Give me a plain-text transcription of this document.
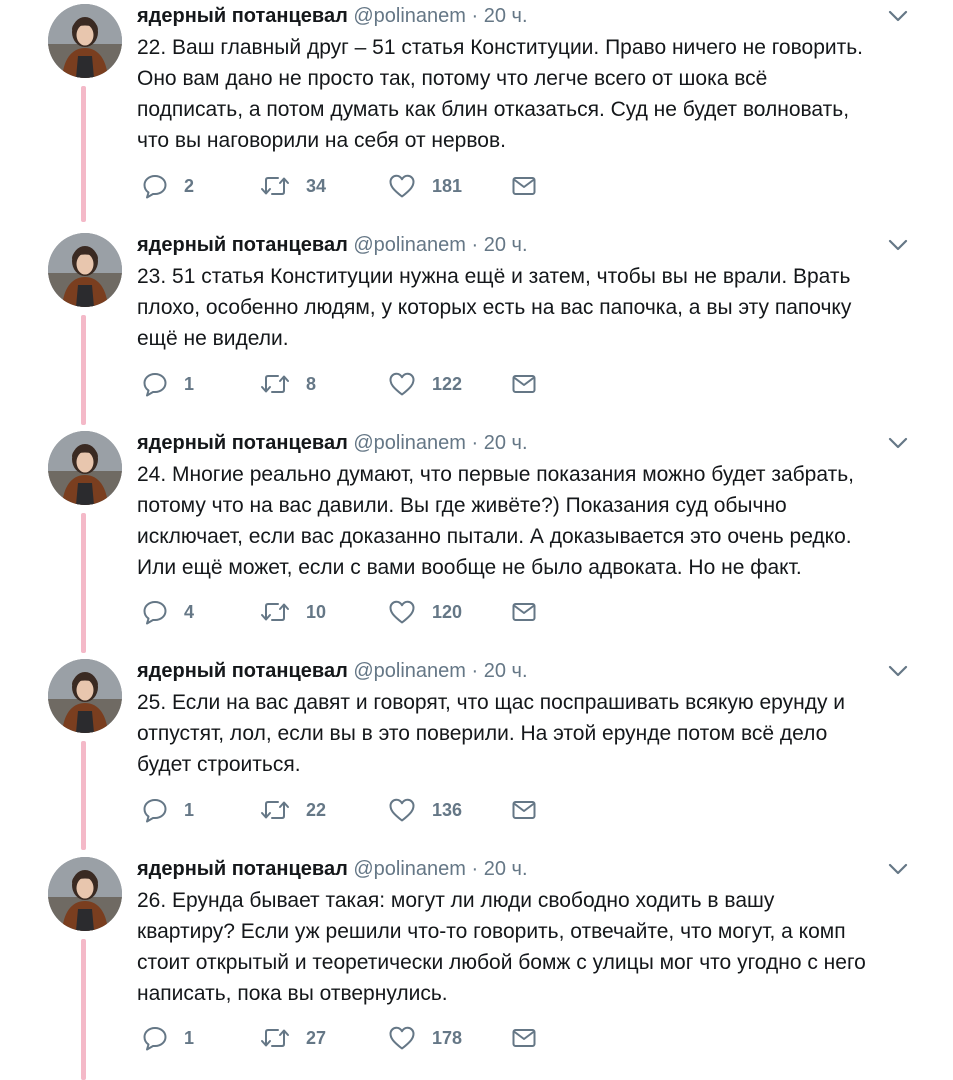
ядерный потанцевал @polinanem · 20 ч.

22. Ваш главный друг – 51 статья Конституции. Право ничего не говорить.

Оно вам дано не просто так, потому что легче всего от шока всё

подписать, а потом думать как блин отказаться. Суд не будет волновать,

что вы наговорили на себя от нервов.

2	34	181
ядерный потанцевал @polinanem · 20 ч.

23. 51 статья Конституции нужна ещё и затем, чтобы вы не врали. Врать

плохо, особенно людям, у которых есть на вас папочка, а вы эту папочку

ещё не видели.

1	8	122
ядерный потанцевал @polinanem · 20 ч.

24. Многие реально думают, что первые показания можно будет забрать,

потому что на вас давили. Вы где живёте?) Показания суд обычно

исключает, если вас доказанно пытали. А доказывается это очень редко.

Или ещё может, если с вами вообще не было адвоката. Но не факт.

4	10	120
ядерный потанцевал @polinanem · 20 ч.

25. Если на вас давят и говорят, что щас поспрашивать всякую ерунду и

отпустят, лол, если вы в это поверили. На этой ерунде потом всё дело

будет строиться.

1	22	136
ядерный потанцевал @polinanem · 20 ч.

26. Ерунда бывает такая: могут ли люди свободно ходить в вашу

квартиру? Если уж решили что-то говорить, отвечайте, что могут, а комп

стоит открытый и теоретически любой бомж с улицы мог что угодно с него

написать, пока вы отвернулись.

1	27	178
